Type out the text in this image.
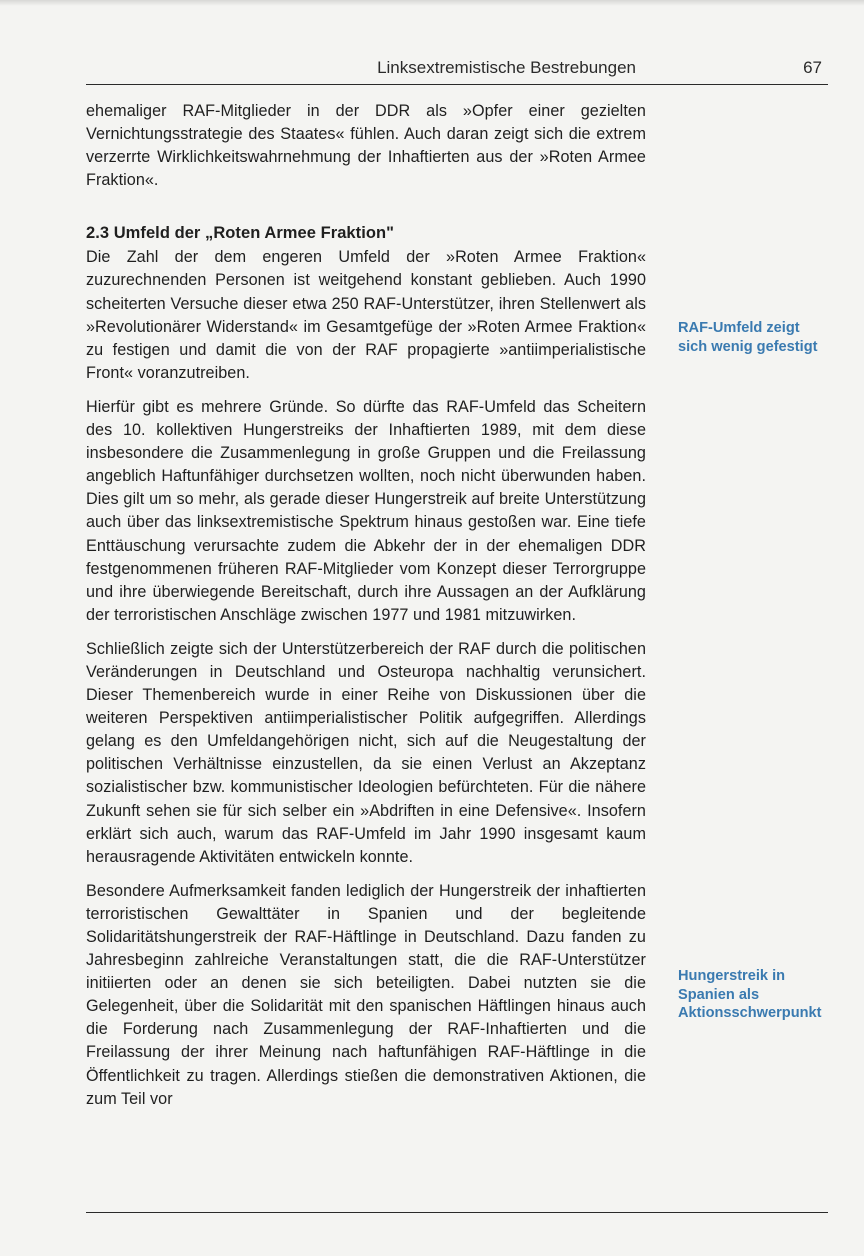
Linksextremistische Bestrebungen	67

ehemaliger RAF-Mitglieder in der DDR als »Opfer einer gezielten Vernichtungsstrategie des Staates« fühlen. Auch daran zeigt sich die extrem verzerrte Wirklichkeitswahrnehmung der Inhaftierten aus der »Roten Armee Fraktion«.

2.3 Umfeld der „Roten Armee Fraktion"

Die Zahl der dem engeren Umfeld der »Roten Armee Fraktion« zuzurechnenden Personen ist weitgehend konstant geblieben. Auch 1990 scheiterten Versuche dieser etwa 250 RAF-Unterstützer, ihren Stellenwert als »Revolutionärer Widerstand« im Gesamtgefüge der »Roten Armee Fraktion« zu festigen und damit die von der RAF propagierte »antiimperialistische Front« voranzutreiben.

Hierfür gibt es mehrere Gründe. So dürfte das RAF-Umfeld das Scheitern des 10. kollektiven Hungerstreiks der Inhaftierten 1989, mit dem diese insbesondere die Zusammenlegung in große Gruppen und die Freilassung angeblich Haftunfähiger durchsetzen wollten, noch nicht überwunden haben. Dies gilt um so mehr, als gerade dieser Hungerstreik auf breite Unterstützung auch über das linksextremistische Spektrum hinaus gestoßen war. Eine tiefe Enttäuschung verursachte zudem die Abkehr der in der ehemaligen DDR festgenommenen früheren RAF-Mitglieder vom Konzept dieser Terrorgruppe und ihre überwiegende Bereitschaft, durch ihre Aussagen an der Aufklärung der terroristischen Anschläge zwischen 1977 und 1981 mitzuwirken.

Schließlich zeigte sich der Unterstützerbereich der RAF durch die politischen Veränderungen in Deutschland und Osteuropa nachhaltig verunsichert. Dieser Themenbereich wurde in einer Reihe von Diskussionen über die weiteren Perspektiven antiimperialistischer Politik aufgegriffen. Allerdings gelang es den Umfeldangehörigen nicht, sich auf die Neugestaltung der politischen Verhältnisse einzustellen, da sie einen Verlust an Akzeptanz sozialistischer bzw. kommunistischer Ideologien befürchteten. Für die nähere Zukunft sehen sie für sich selber ein »Abdriften in eine Defensive«. Insofern erklärt sich auch, warum das RAF-Umfeld im Jahr 1990 insgesamt kaum herausragende Aktivitäten entwickeln konnte.

Besondere Aufmerksamkeit fanden lediglich der Hungerstreik der inhaftierten terroristischen Gewalttäter in Spanien und der begleitende Solidaritätshungerstreik der RAF-Häftlinge in Deutschland. Dazu fanden zu Jahresbeginn zahlreiche Veranstaltungen statt, die die RAF-Unterstützer initiierten oder an denen sie sich beteiligten. Dabei nutzten sie die Gelegenheit, über die Solidarität mit den spanischen Häftlingen hinaus auch die Forderung nach Zusammenlegung der RAF-Inhaftierten und die Freilassung der ihrer Meinung nach haftunfähigen RAF-Häftlinge in die Öffentlichkeit zu tragen. Allerdings stießen die demonstrativen Aktionen, die zum Teil vor

RAF-Umfeld zeigt sich wenig gefestigt
Hungerstreik in Spanien als Aktionsschwerpunkt
